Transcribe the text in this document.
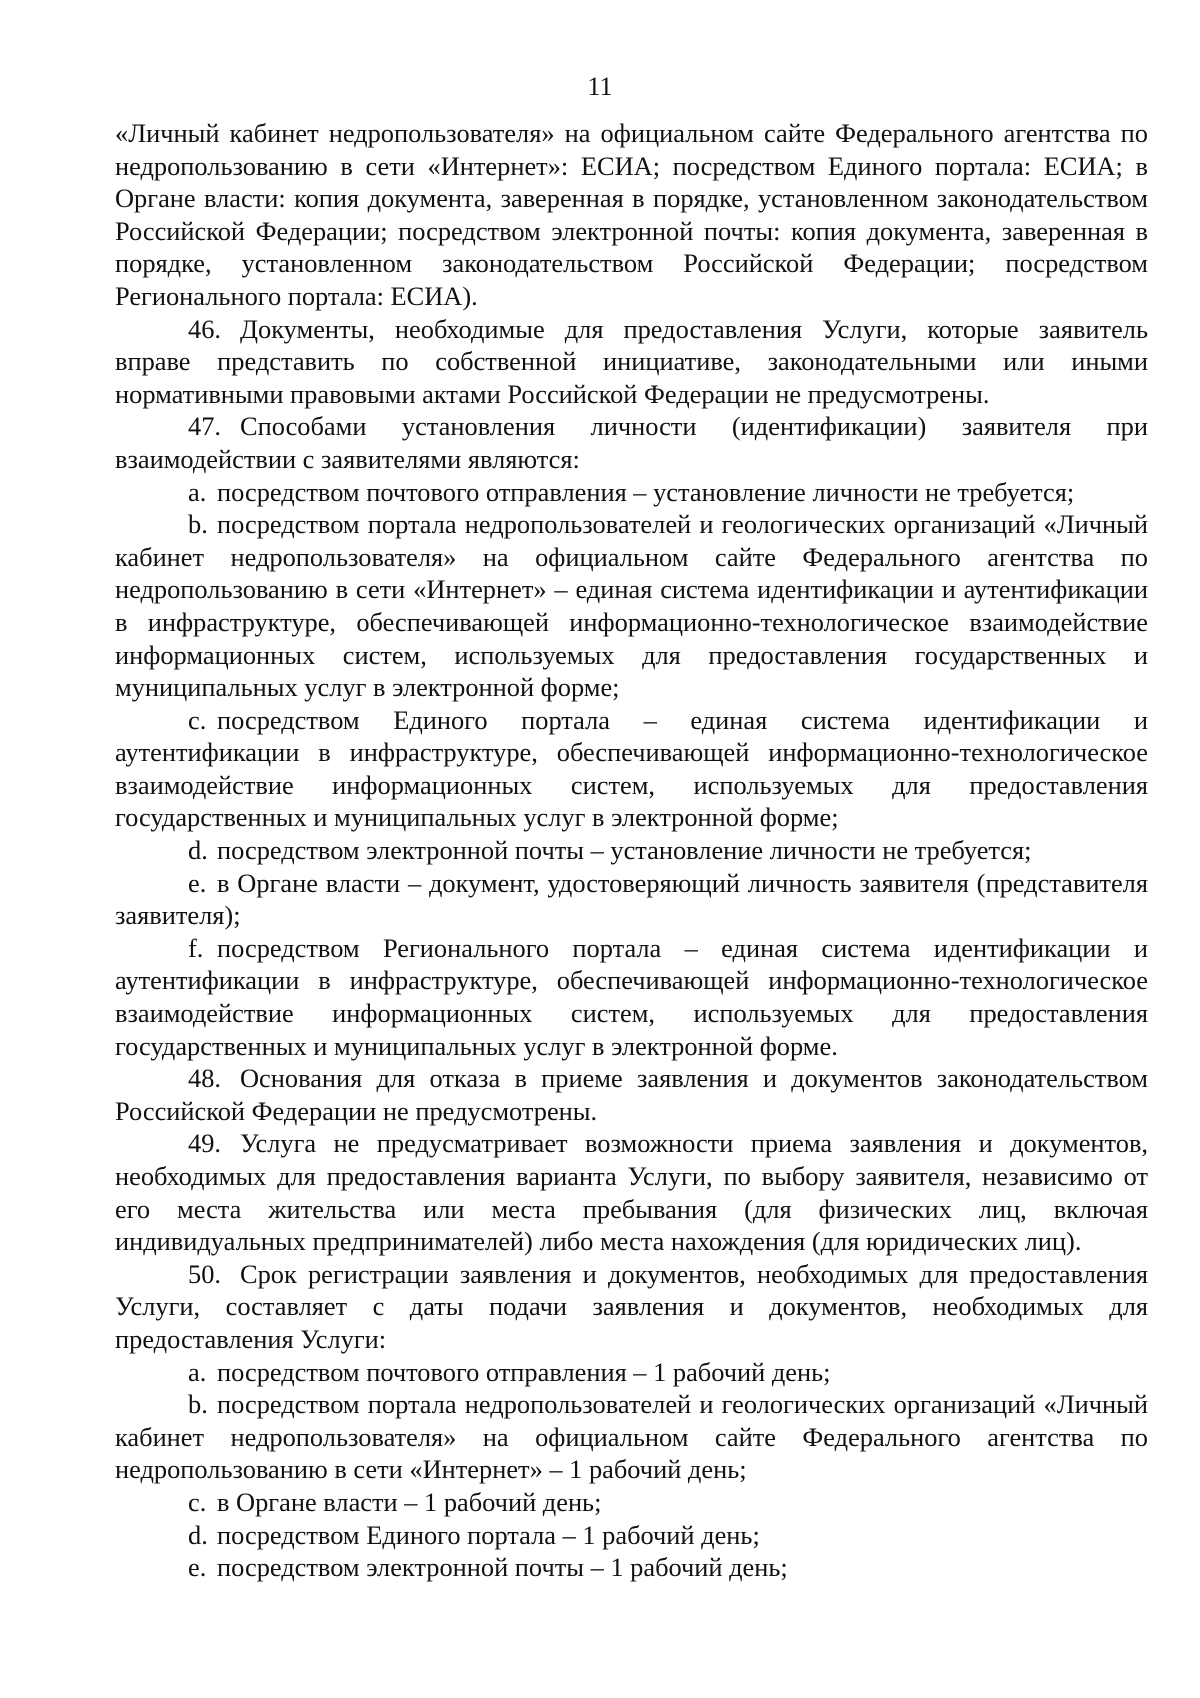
11

«Личный кабинет недропользователя» на официальном сайте Федерального агентства по недропользованию в сети «Интернет»: ЕСИА; посредством Единого портала: ЕСИА; в Органе власти: копия документа, заверенная в порядке, установленном законодательством Российской Федерации; посредством электронной почты: копия документа, заверенная в порядке, установленном законодательством Российской Федерации; посредством Регионального портала: ЕСИА).

46. Документы, необходимые для предоставления Услуги, которые заявитель вправе представить по собственной инициативе, законодательными или иными нормативными правовыми актами Российской Федерации не предусмотрены.

47. Способами установления личности (идентификации) заявителя при взаимодействии с заявителями являются:

a. посредством почтового отправления – установление личности не требуется;

b. посредством портала недропользователей и геологических организаций «Личный кабинет недропользователя» на официальном сайте Федерального агентства по недропользованию в сети «Интернет» – единая система идентификации и аутентификации в инфраструктуре, обеспечивающей информационно-технологическое взаимодействие информационных систем, используемых для предоставления государственных и муниципальных услуг в электронной форме;

c. посредством Единого портала – единая система идентификации и аутентификации в инфраструктуре, обеспечивающей информационно-технологическое взаимодействие информационных систем, используемых для предоставления государственных и муниципальных услуг в электронной форме;

d. посредством электронной почты – установление личности не требуется;

e. в Органе власти – документ, удостоверяющий личность заявителя (представителя заявителя);

f. посредством Регионального портала – единая система идентификации и аутентификации в инфраструктуре, обеспечивающей информационно-технологическое взаимодействие информационных систем, используемых для предоставления государственных и муниципальных услуг в электронной форме.

48. Основания для отказа в приеме заявления и документов законодательством Российской Федерации не предусмотрены.

49. Услуга не предусматривает возможности приема заявления и документов, необходимых для предоставления варианта Услуги, по выбору заявителя, независимо от его места жительства или места пребывания (для физических лиц, включая индивидуальных предпринимателей) либо места нахождения (для юридических лиц).

50. Срок регистрации заявления и документов, необходимых для предоставления Услуги, составляет с даты подачи заявления и документов, необходимых для предоставления Услуги:

a. посредством почтового отправления – 1 рабочий день;

b. посредством портала недропользователей и геологических организаций «Личный кабинет недропользователя» на официальном сайте Федерального агентства по недропользованию в сети «Интернет» – 1 рабочий день;

c. в Органе власти – 1 рабочий день;

d. посредством Единого портала – 1 рабочий день;

e. посредством электронной почты – 1 рабочий день;
